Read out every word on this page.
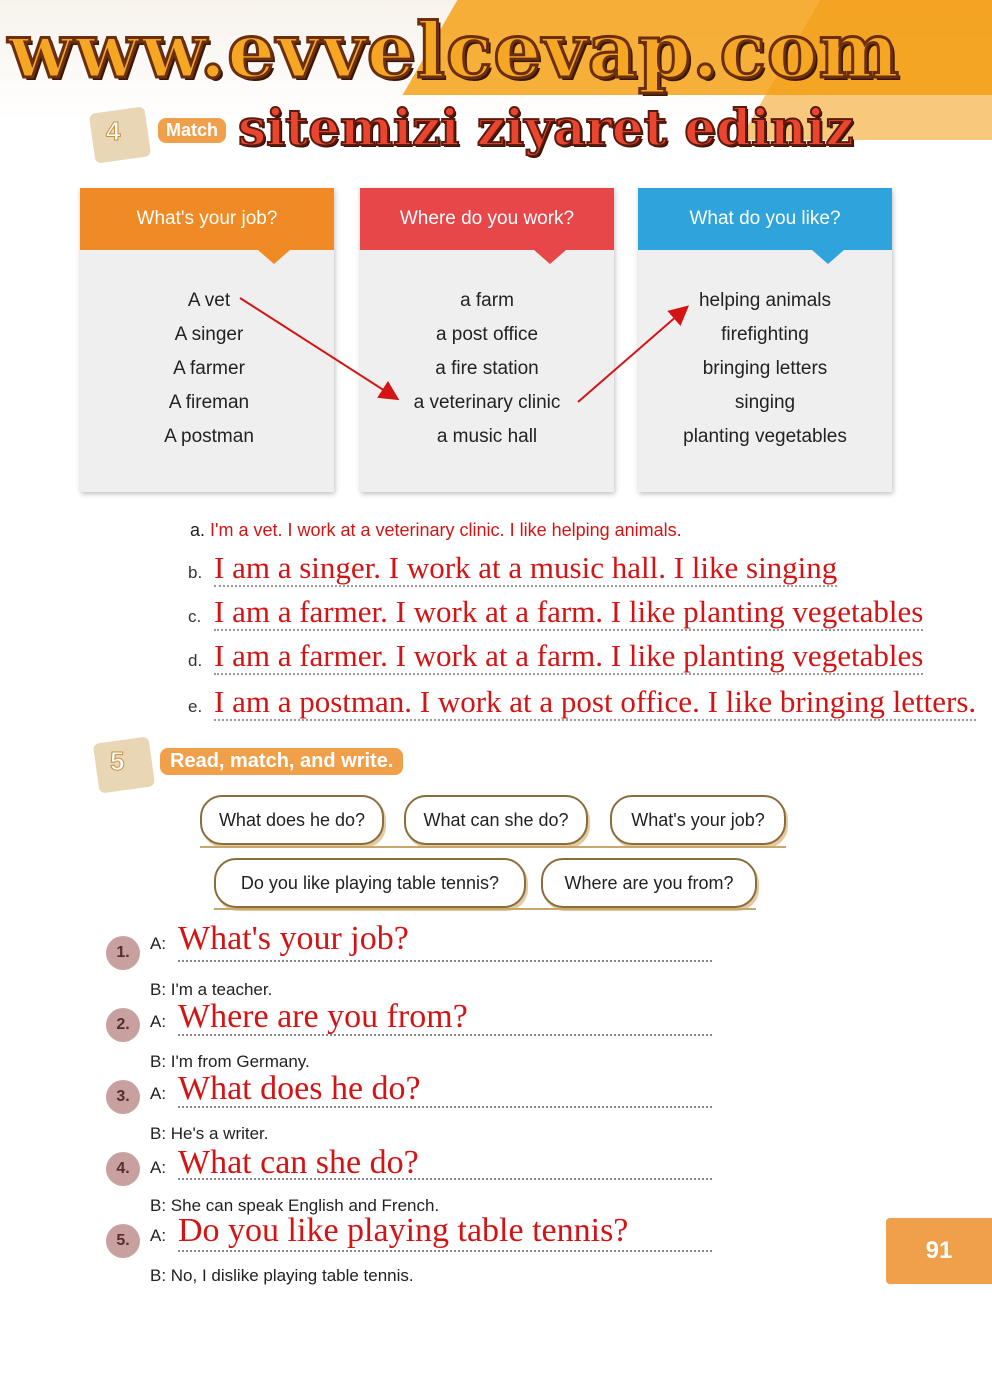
www.evvelcevap.com
4	Match sitemizi ziyaret ediniz
What's your job?
A vet
A singer
A farmer
A fireman
A postman
Where do you work?
a farm
a post office
a fire station
a veterinary clinic
a music hall
What do you like?
helping animals
firefighting
bringing letters
singing
planting vegetables
a. I'm a vet. I work at a veterinary clinic. I like helping animals.
b. I am a singer. I work at a music hall. I like singing
c. I am a farmer. I work at a farm. I like planting vegetables
d. I am a farmer. I work at a farm. I like planting vegetables
e. I am a postman. I work at a post office. I like bringing letters.
5	Read, match, and write.
What does he do?	What can she do?	What's your job?
Do you like playing table tennis?	Where are you from?
1.	A: What's your job?
B: I'm a teacher.
2.	A: Where are you from?
B: I'm from Germany.
3.	A: What does he do?
B: He's a writer.
4.	A: What can she do?
B: She can speak English and French.
5.	A: Do you like playing table tennis?
B: No, I dislike playing table tennis.
91
